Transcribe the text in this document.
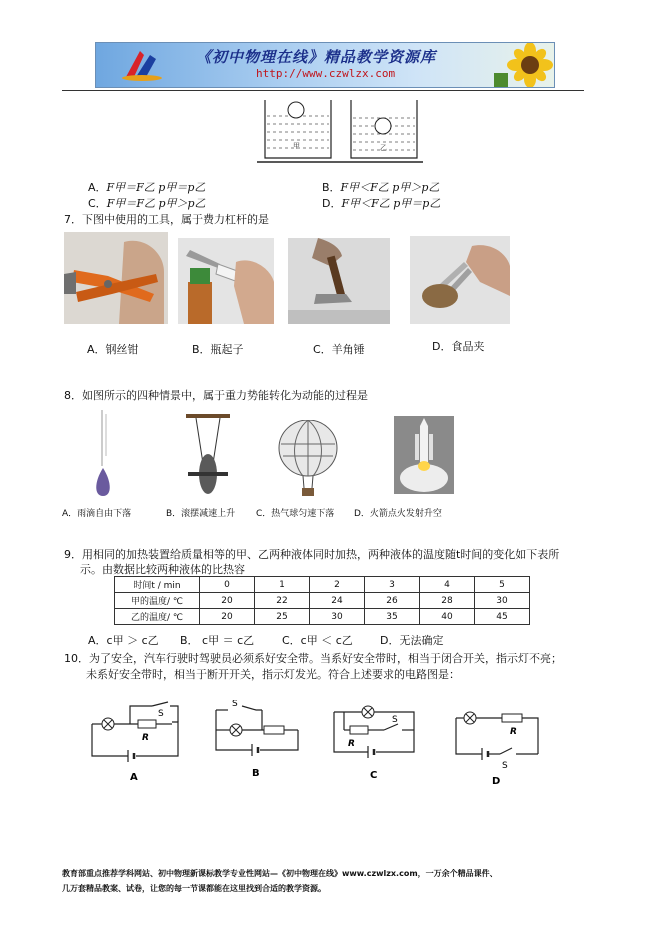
《初中物理在线》精品教学资源库
http://www.czwlzx.com
甲	乙
A．F甲＝F乙 p甲＝p乙	B．F甲＜F乙 p甲＞p乙
C．F甲＝F乙 p甲＞p乙	D．F甲＜F乙 p甲＝p乙
7．下图中使用的工具，属于费力杠杆的是
A．钢丝钳	B．瓶起子	C．羊角锤	D．食品夹
8．如图所示的四种情景中，属于重力势能转化为动能的过程是
A．雨滴自由下落	B．滚摆减速上升 C．热气球匀速下落 D．火箭点火发射升空
9．用相同的加热装置给质量相等的甲、乙两种液体同时加热，两种液体的温度随t时间的变化如下表所
示。由数据比较两种液体的比热容
时间t / min	0	1	2	3	4	5
甲的温度/ ℃	20	22	24	26	28	30
乙的温度/ ℃	20	25	30	35	40	45
A．c甲 ＞ c乙 B． c甲 ＝ c乙	C．c甲 ＜ c乙 D．无法确定
10．为了安全，汽车行驶时驾驶员必须系好安全带。当系好安全带时，相当于闭合开关，指示灯不亮；
未系好安全带时，相当于断开开关，指示灯发光。符合上述要求的电路图是：
R
S
A
S
B
R
S
C
R
S
D
教育部重点推荐学科网站、初中物理新课标教学专业性网站—《初中物理在线》www.czwlzx.com，一万余个精品课件、
几万套精品教案、试卷，让您的每一节课都能在这里找到合适的教学资源。
